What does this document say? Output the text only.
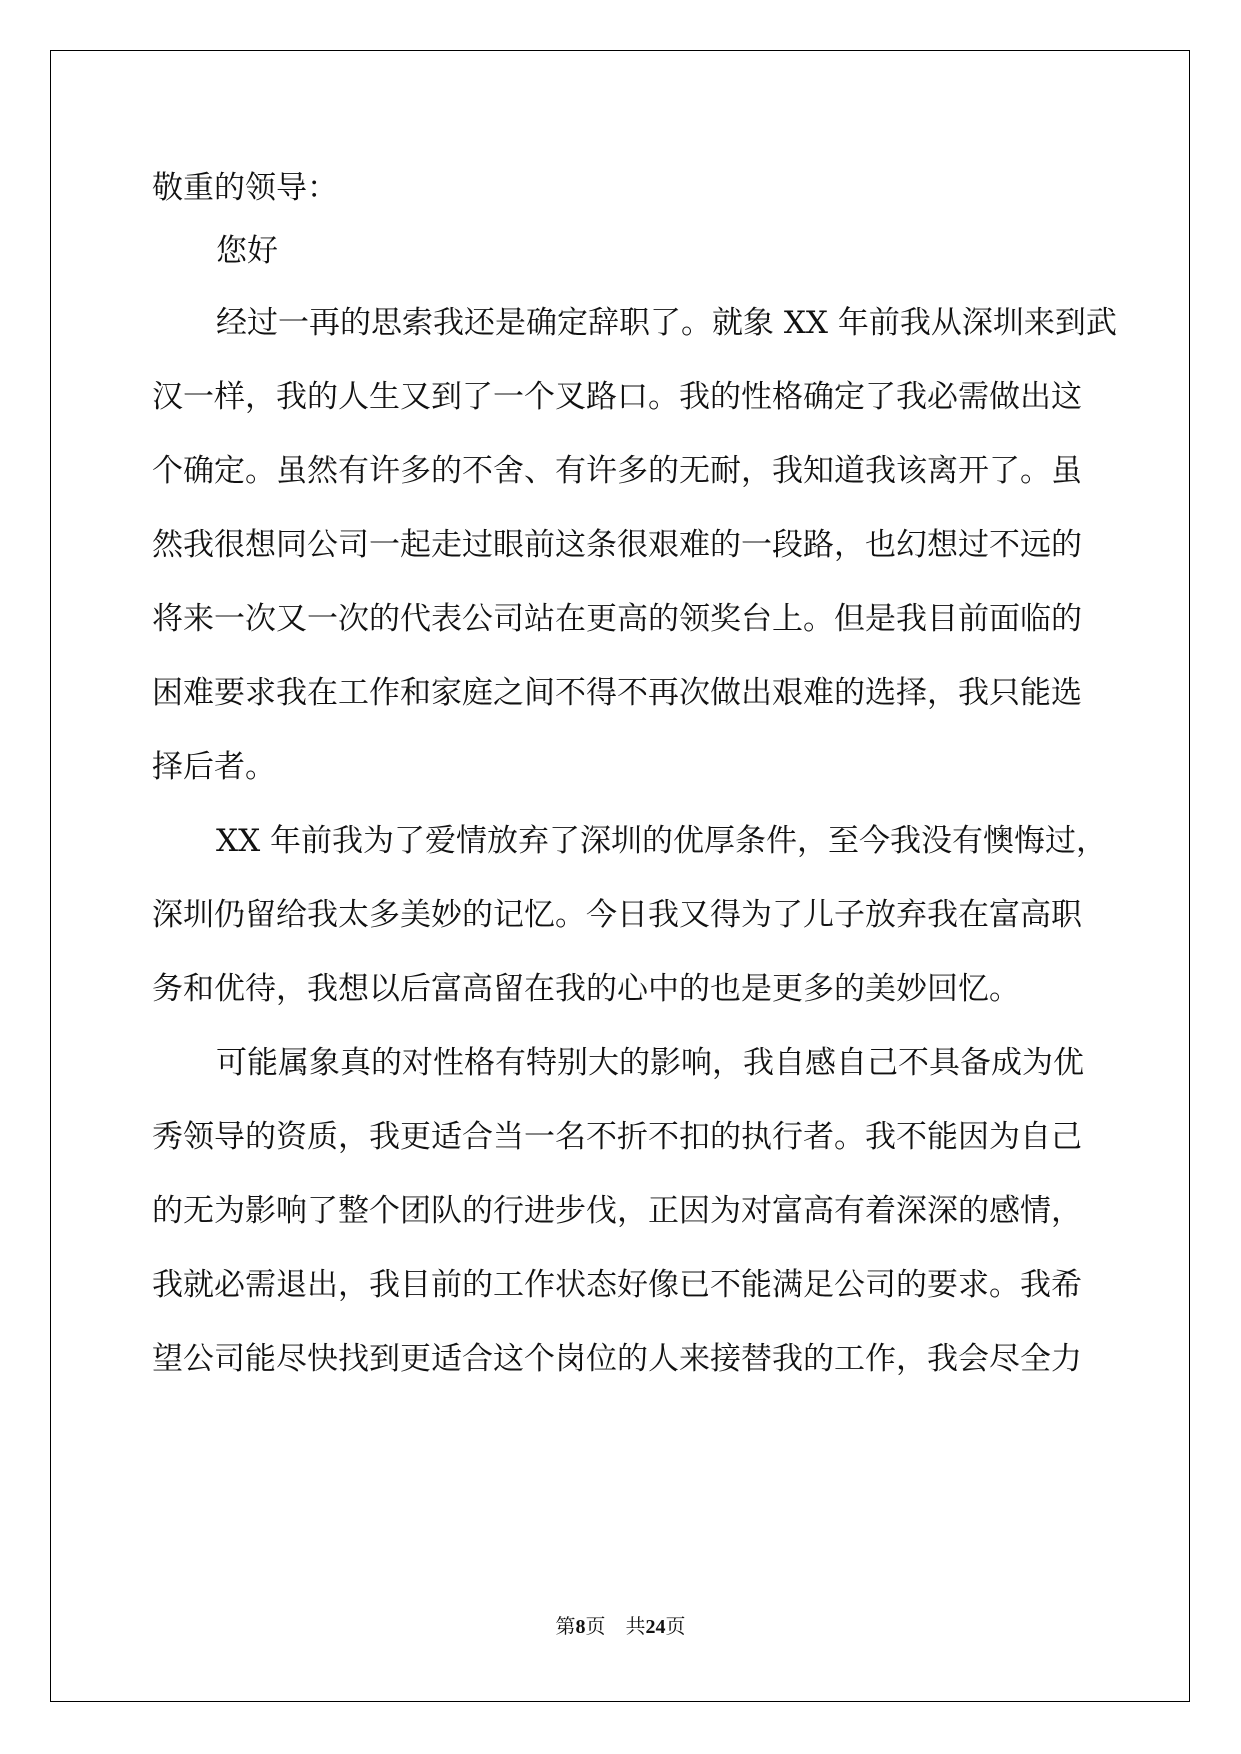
敬重的领导：
您好
经过一再的思索我还是确定辞职了。就象 XX 年前我从深圳来到武
汉一样，我的人生又到了一个叉路口。我的性格确定了我必需做出这
个确定。虽然有许多的不舍、有许多的无耐，我知道我该离开了。虽
然我很想同公司一起走过眼前这条很艰难的一段路，也幻想过不远的
将来一次又一次的代表公司站在更高的领奖台上。但是我目前面临的
困难要求我在工作和家庭之间不得不再次做出艰难的选择，我只能选
择后者。
XX 年前我为了爱情放弃了深圳的优厚条件，至今我没有懊悔过，
深圳仍留给我太多美妙的记忆。今日我又得为了儿子放弃我在富高职
务和优待，我想以后富高留在我的心中的也是更多的美妙回忆。
可能属象真的对性格有特别大的影响，我自感自己不具备成为优
秀领导的资质，我更适合当一名不折不扣的执行者。我不能因为自己
的无为影响了整个团队的行进步伐，正因为对富高有着深深的感情，
我就必需退出，我目前的工作状态好像已不能满足公司的要求。我希
望公司能尽快找到更适合这个岗位的人来接替我的工作，我会尽全力
第8页 共24页
